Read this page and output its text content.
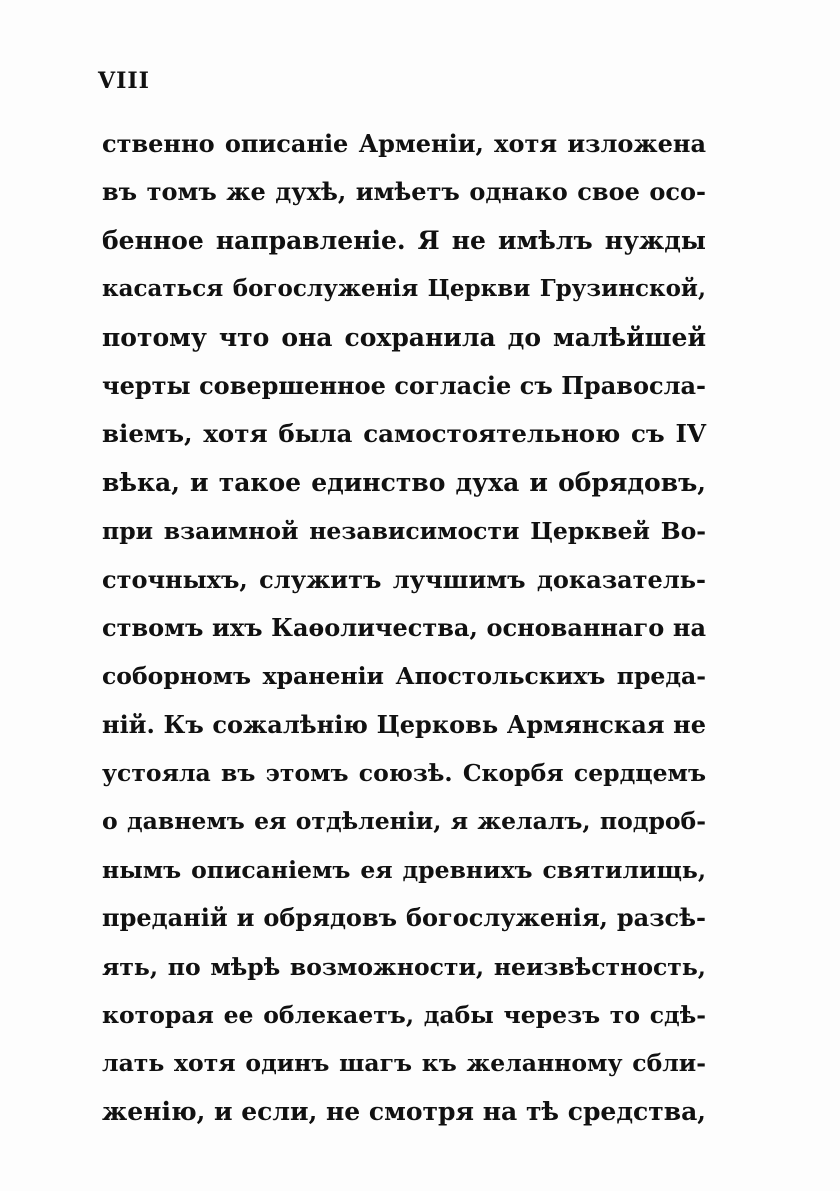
VIII
ственно описаніе Арменіи, хотя изложена
въ томъ же духѣ, имѣетъ однако свое осо-
бенное направленіе. Я не имѣлъ нужды
касаться богослуженія Церкви Грузинской,
потому что она сохранила до малѣйшей
черты совершенное согласіе съ Правосла-
віемъ, хотя была самостоятельною съ IV
вѣка, и такое единство духа и обрядовъ,
при взаимной независимости Церквей Во-
сточныхъ, служитъ лучшимъ доказатель-
ствомъ ихъ Каѳоличества, основаннаго на
соборномъ храненіи Апостольскихъ преда-
ній. Къ сожалѣнію Церковь Армянская не
устояла въ этомъ союзѣ. Скорбя сердцемъ
о давнемъ ея отдѣленіи, я желалъ, подроб-
нымъ описаніемъ ея древнихъ святилищь,
преданій и обрядовъ богослуженія, разсѣ-
ять, по мѣрѣ возможности, неизвѣстность,
которая ее облекаетъ, дабы черезъ то сдѣ-
лать хотя одинъ шагъ къ желанному сбли-
женію, и если, не смотря на тѣ средства,
